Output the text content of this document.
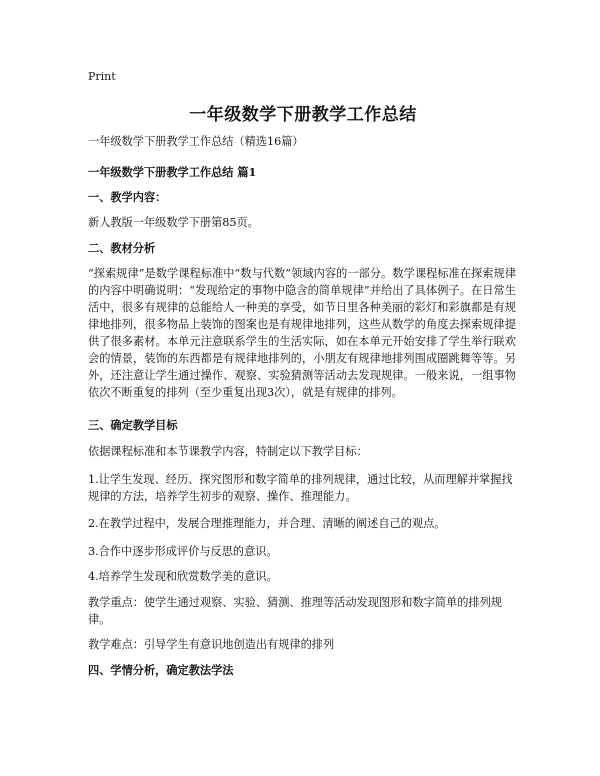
Print
一年级数学下册教学工作总结
一年级数学下册教学工作总结（精选16篇）
一年级数学下册教学工作总结 篇1
一、教学内容：
新人教版一年级数学下册第85页。
二、教材分析
“探索规律”是数学课程标准中“数与代数”领域内容的一部分。数学课程标准在探索规律的内容中明确说明：“发现给定的事物中隐含的简单规律”并给出了具体例子。在日常生活中，很多有规律的总能给人一种美的享受，如节日里各种美丽的彩灯和彩旗都是有规律地排列，很多物品上装饰的图案也是有规律地排列，这些从数学的角度去探索规律提供了很多素材。本单元注意联系学生的生活实际，如在本单元开始安排了学生举行联欢会的情景，装饰的东西都是有规律地排列的，小朋友有规律地排列围成圈跳舞等等。另外，还注意让学生通过操作、观察、实验猜测等活动去发现规律。一般来说，一组事物依次不断重复的排列（至少重复出现3次），就是有规律的排列。
三、确定教学目标
依据课程标准和本节课教学内容，特制定以下教学目标：
1.让学生发现、经历、探究图形和数字简单的排列规律，通过比较，从而理解并掌握找规律的方法，培养学生初步的观察、操作、推理能力。
2.在教学过程中，发展合理推理能力，并合理、清晰的阐述自己的观点。
3.合作中逐步形成评价与反思的意识。
4.培养学生发现和欣赏数学美的意识。
教学重点：使学生通过观察、实验、猜测、推理等活动发现图形和数字简单的排列规律。
教学难点：引导学生有意识地创造出有规律的排列
四、学情分析，确定教法学法
